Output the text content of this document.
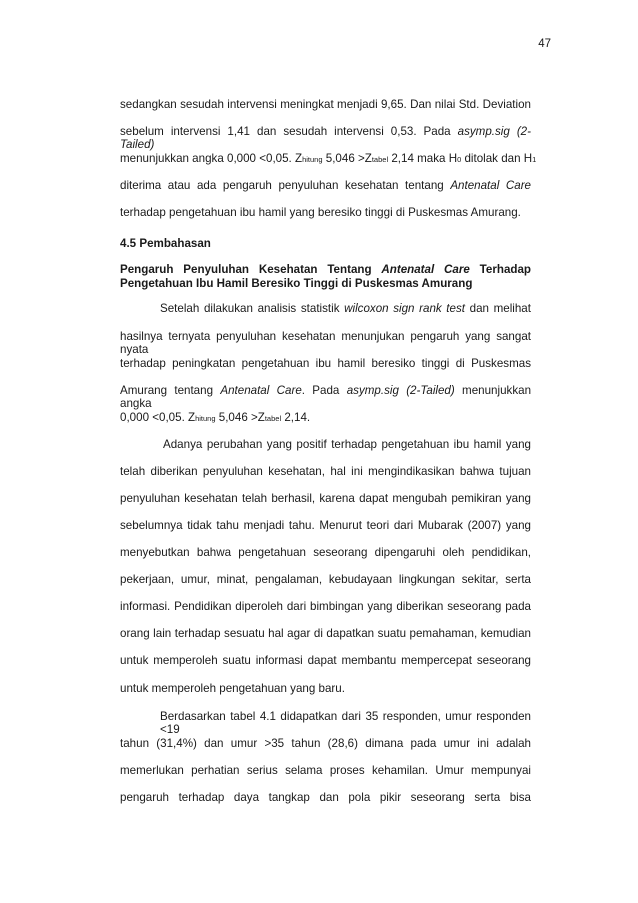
47
sedangkan sesudah intervensi meningkat menjadi 9,65. Dan nilai Std. Deviation
sebelum intervensi 1,41 dan sesudah intervensi 0,53. Pada asymp.sig (2-Tailed)
menunjukkan angka 0,000 <0,05. Zhitung 5,046 >Ztabel 2,14 maka H0 ditolak dan H1
diterima atau ada pengaruh penyuluhan kesehatan tentang Antenatal Care
terhadap pengetahuan ibu hamil yang beresiko tinggi di Puskesmas Amurang.
4.5 Pembahasan
Pengaruh Penyuluhan Kesehatan Tentang Antenatal Care Terhadap
Pengetahuan Ibu Hamil Beresiko Tinggi di Puskesmas Amurang
Setelah dilakukan analisis statistik wilcoxon sign rank test dan melihat
hasilnya ternyata penyuluhan kesehatan menunjukan pengaruh yang sangat nyata
terhadap peningkatan pengetahuan ibu hamil beresiko tinggi di Puskesmas
Amurang tentang Antenatal Care. Pada asymp.sig (2-Tailed) menunjukkan angka
0,000 <0,05. Zhitung 5,046 >Ztabel 2,14.
Adanya perubahan yang positif terhadap pengetahuan ibu hamil yang
telah diberikan penyuluhan kesehatan, hal ini mengindikasikan bahwa tujuan
penyuluhan kesehatan telah berhasil, karena dapat mengubah pemikiran yang
sebelumnya tidak tahu menjadi tahu. Menurut teori dari Mubarak (2007) yang
menyebutkan bahwa pengetahuan seseorang dipengaruhi oleh pendidikan,
pekerjaan, umur, minat, pengalaman, kebudayaan lingkungan sekitar, serta
informasi. Pendidikan diperoleh dari bimbingan yang diberikan seseorang pada
orang lain terhadap sesuatu hal agar di dapatkan suatu pemahaman, kemudian
untuk memperoleh suatu informasi dapat membantu mempercepat seseorang
untuk memperoleh pengetahuan yang baru.
Berdasarkan tabel 4.1 didapatkan dari 35 responden, umur responden <19
tahun (31,4%) dan umur >35 tahun (28,6) dimana pada umur ini adalah
memerlukan perhatian serius selama proses kehamilan. Umur mempunyai
pengaruh terhadap daya tangkap dan pola pikir seseorang serta bisa
